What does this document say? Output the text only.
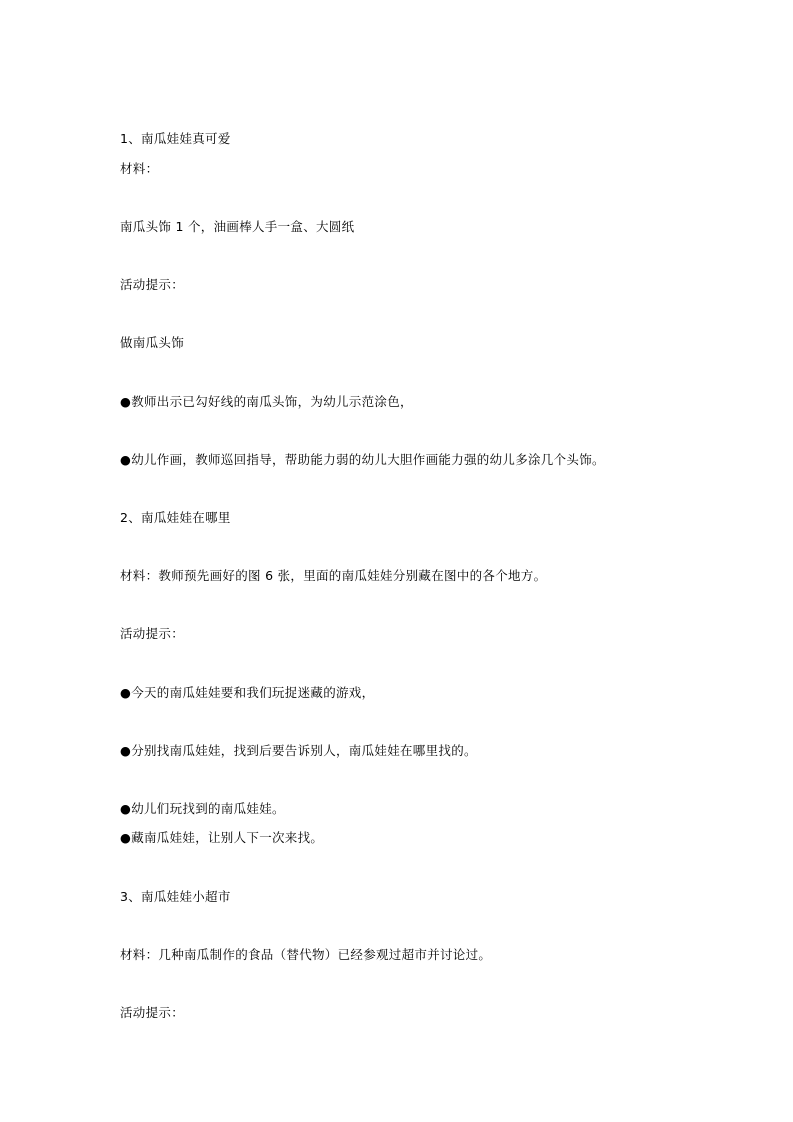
1、南瓜娃娃真可爱
材料：
南瓜头饰 1 个，油画棒人手一盒、大圆纸
活动提示：
做南瓜头饰
●教师出示已勾好线的南瓜头饰，为幼儿示范涂色，
●幼儿作画，教师巡回指导，帮助能力弱的幼儿大胆作画能力强的幼儿多涂几个头饰。
2、南瓜娃娃在哪里
材料：教师预先画好的图 6 张，里面的南瓜娃娃分别藏在图中的各个地方。
活动提示：
●今天的南瓜娃娃要和我们玩捉迷藏的游戏，
●分别找南瓜娃娃，找到后要告诉别人，南瓜娃娃在哪里找的。
●幼儿们玩找到的南瓜娃娃。
●藏南瓜娃娃，让别人下一次来找。
3、南瓜娃娃小超市
材料：几种南瓜制作的食品（替代物）已经参观过超市并讨论过。
活动提示：
